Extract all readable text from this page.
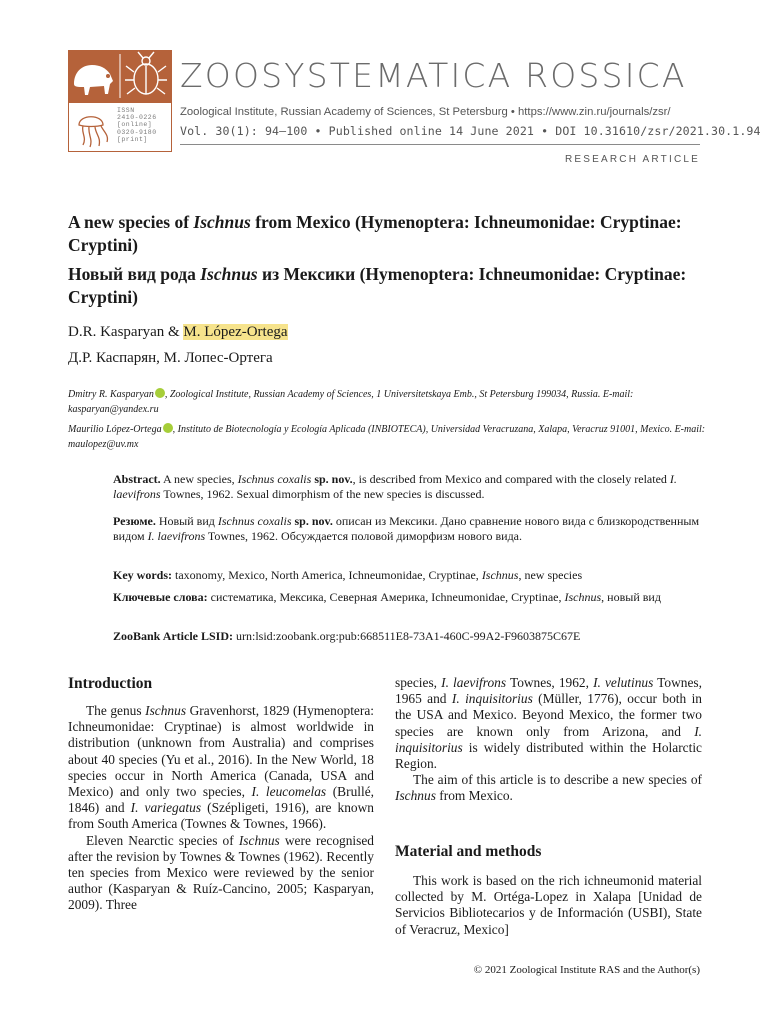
ISSN
2410-0226
[online]
0320-9180
[print]
ZOOSYSTEMATICA ROSSICA
Zoological Institute, Russian Academy of Sciences, St Petersburg • https://www.zin.ru/journals/zsr/
Vol. 30(1): 94–100 • Published online 14 June 2021 • DOI 10.31610/zsr/2021.30.1.94
RESEARCH ARTICLE
A new species of Ischnus from Mexico (Hymenoptera: Ichneumonidae: Cryptinae: Cryptini)
Новый вид рода Ischnus из Мексики (Hymenoptera: Ichneumonidae: Cryptinae: Cryptini)
D.R. Kasparyan & M. López-Ortega
Д.Р. Каспарян, М. Лопес-Ортега
Dmitry R. Kasparyan , Zoological Institute, Russian Academy of Sciences, 1 Universitetskaya Emb., St Petersburg 199034, Russia. E-mail: kasparyan@yandex.ru
Maurilio López-Ortega , Instituto de Biotecnología y Ecología Aplicada (INBIOTECA), Universidad Veracruzana, Xalapa, Veracruz 91001, Mexico. E-mail: maulopez@uv.mx
Abstract. A new species, Ischnus coxalis sp. nov., is described from Mexico and compared with the closely related I. laevifrons Townes, 1962. Sexual dimorphism of the new species is discussed.
Резюме. Новый вид Ischnus coxalis sp. nov. описан из Мексики. Дано сравнение нового вида с близкородственным видом I. laevifrons Townes, 1962. Обсуждается половой диморфизм нового вида.
Key words: taxonomy, Mexico, North America, Ichneumonidae, Cryptinae, Ischnus, new species
Ключевые слова: систематика, Мексика, Северная Америка, Ichneumonidae, Cryptinae, Ischnus, новый вид
ZooBank Article LSID: urn:lsid:zoobank.org:pub:668511E8-73A1-460C-99A2-F9603875C67E
Introduction

The genus Ischnus Gravenhorst, 1829 (Hymenoptera: Ichneumonidae: Cryptinae) is almost worldwide in distribution (unknown from Australia) and comprises about 40 species (Yu et al., 2016). In the New World, 18 species occur in North America (Canada, USA and Mexico) and only two species, I. leucomelas (Brullé, 1846) and I. variegatus (Szépligeti, 1916), are known from South America (Townes & Townes, 1966).

Eleven Nearctic species of Ischnus were recognised after the revision by Townes & Townes (1962). Recently ten species from Mexico were reviewed by the senior author (Kasparyan & Ruíz-Cancino, 2005; Kasparyan, 2009). Three

species, I. laevifrons Townes, 1962, I. velutinus Townes, 1965 and I. inquisitorius (Müller, 1776), occur both in the USA and Mexico. Beyond Mexico, the former two species are known only from Arizona, and I. inquisitorius is widely distributed within the Holarctic Region.

The aim of this article is to describe a new species of Ischnus from Mexico.

Material and methods

This work is based on the rich ichneumonid material collected by M. Ortéga-Lopez in Xalapa [Unidad de Servicios Bibliotecarios y de Información (USBI), State of Veracruz, Mexico]

© 2021 Zoological Institute RAS and the Author(s)
